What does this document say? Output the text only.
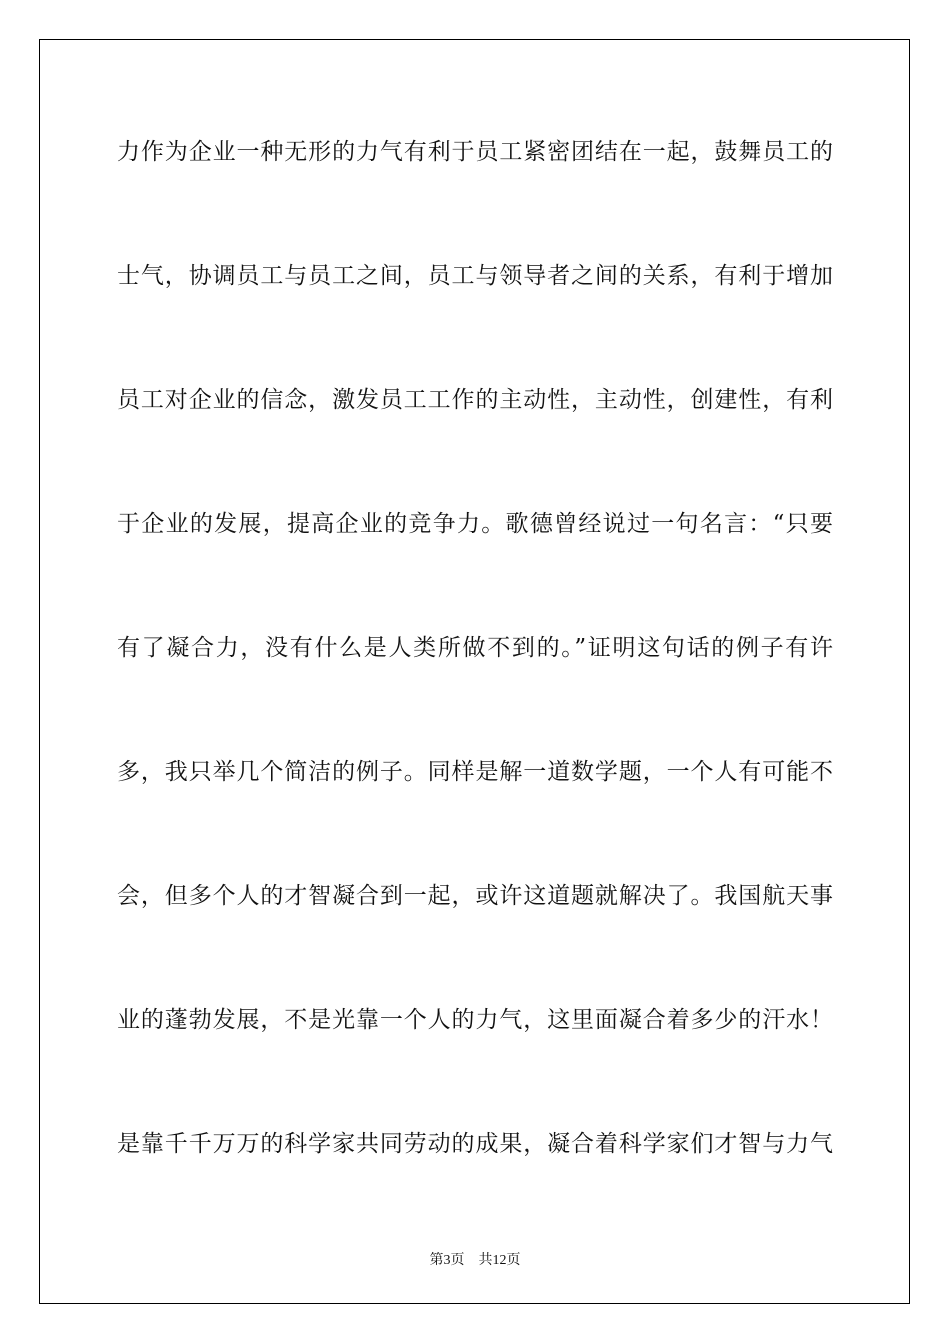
力作为企业一种无形的力气有利于员工紧密团结在一起，鼓舞员工的
士气，协调员工与员工之间，员工与领导者之间的关系，有利于增加
员工对企业的信念，激发员工工作的主动性，主动性，创建性，有利
于企业的发展，提高企业的竞争力。歌德曾经说过一句名言：“只要
有了凝合力，没有什么是人类所做不到的。”证明这句话的例子有许
多，我只举几个简洁的例子。同样是解一道数学题，一个人有可能不
会，但多个人的才智凝合到一起，或许这道题就解决了。我国航天事
业的蓬勃发展，不是光靠一个人的力气，这里面凝合着多少的汗水！
是靠千千万万的科学家共同劳动的成果，凝合着科学家们才智与力气
第3页 共12页
